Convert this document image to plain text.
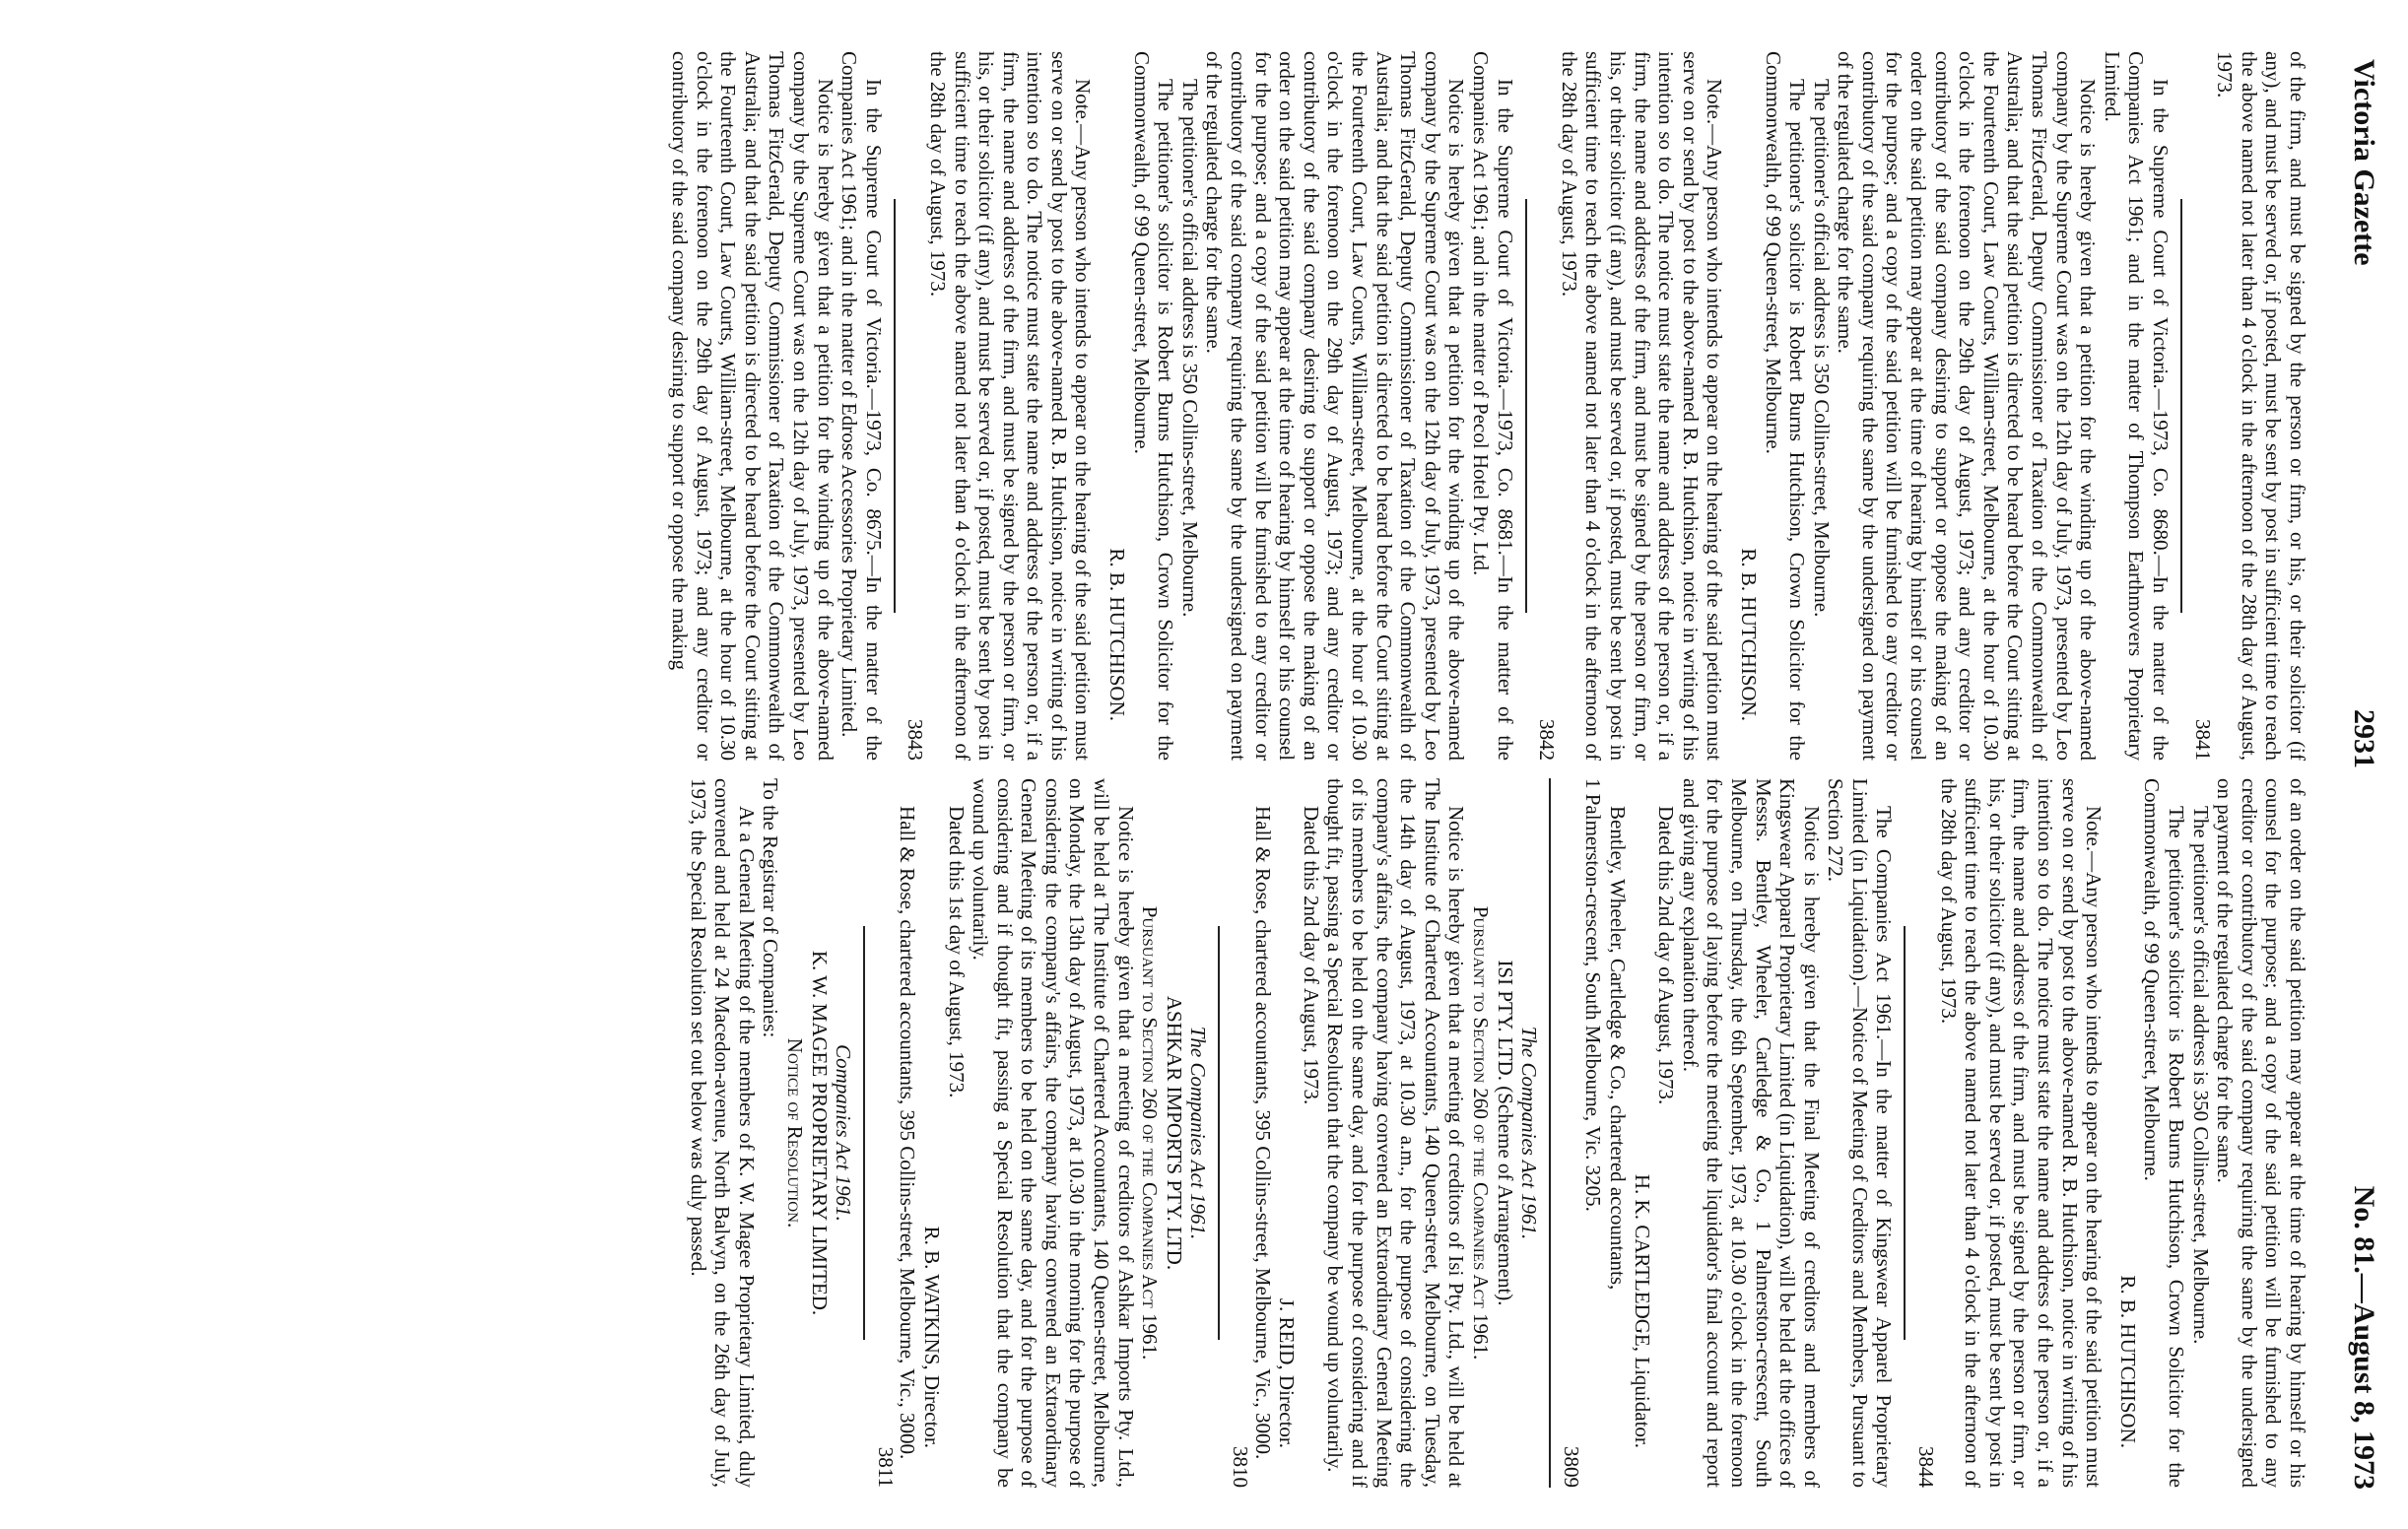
Victoria Gazette
2931
No. 81.—August 8, 1973

of the firm, and must be signed by the person or firm, or his, or their solicitor (if any), and must be served or, if posted, must be sent by post in sufficient time to reach the above named not later than 4 o'clock in the afternoon of the 28th day of August, 1973.

3841

In the Supreme Court of Victoria.—1973, Co. 8680.—In the matter of the Companies Act 1961; and in the matter of Thompson Earthmovers Proprietary Limited.

Notice is hereby given that a petition for the winding up of the above-named company by the Supreme Court was on the 12th day of July, 1973, presented by Leo Thomas FitzGerald, Deputy Commissioner of Taxation of the Commonwealth of Australia; and that the said petition is directed to be heard before the Court sitting at the Fourteenth Court, Law Courts, William-street, Melbourne, at the hour of 10.30 o'clock in the forenoon on the 29th day of August, 1973; and any creditor or contributory of the said company desiring to support or oppose the making of an order on the said petition may appear at the time of hearing by himself or his counsel for the purpose; and a copy of the said petition will be furnished to any creditor or contributory of the said company requiring the same by the undersigned on payment of the regulated charge for the same.

The petitioner's official address is 350 Collins-street, Melbourne.

The petitioner's solicitor is Robert Burns Hutchison, Crown Solicitor for the Commonwealth, of 99 Queen-street, Melbourne.

R. B. HUTCHISON.

Note.—Any person who intends to appear on the hearing of the said petition must serve on or send by post to the above-named R. B. Hutchison, notice in writing of his intention so to do. The notice must state the name and address of the person or, if a firm, the name and address of the firm, and must be signed by the person or firm, or his, or their solicitor (if any), and must be served or, if posted, must be sent by post in sufficient time to reach the above named not later than 4 o'clock in the afternoon of the 28th day of August, 1973.

3842

In the Supreme Court of Victoria.—1973, Co. 8681.—In the matter of the Companies Act 1961; and in the matter of Pecol Hotel Pty. Ltd.

Notice is hereby given that a petition for the winding up of the above-named company by the Supreme Court was on the 12th day of July, 1973, presented by Leo Thomas FitzGerald, Deputy Commissioner of Taxation of the Commonwealth of Australia; and that the said petition is directed to be heard before the Court sitting at the Fourteenth Court, Law Courts, William-street, Melbourne, at the hour of 10.30 o'clock in the forenoon on the 29th day of August, 1973; and any creditor or contributory of the said company desiring to support or oppose the making of an order on the said petition may appear at the time of hearing by himself or his counsel for the purpose; and a copy of the said petition will be furnished to any creditor or contributory of the said company requiring the same by the undersigned on payment of the regulated charge for the same.

The petitioner's official address is 350 Collins-street, Melbourne.

The petitioner's solicitor is Robert Burns Hutchison, Crown Solicitor for the Commonwealth, of 99 Queen-street, Melbourne.

R. B. HUTCHISON.

Note.—Any person who intends to appear on the hearing of the said petition must serve on or send by post to the above-named R. B. Hutchison, notice in writing of his intention so to do. The notice must state the name and address of the person or, if a firm, the name and address of the firm, and must be signed by the person or firm, or his, or their solicitor (if any), and must be served or, if posted, must be sent by post in sufficient time to reach the above named not later than 4 o'clock in the afternoon of the 28th day of August, 1973.

3843

In the Supreme Court of Victoria.—1973, Co. 8675.—In the matter of the Companies Act 1961; and in the matter of Edrose Accessories Proprietary Limited.

Notice is hereby given that a petition for the winding up of the above-named company by the Supreme Court was on the 12th day of July, 1973, presented by Leo Thomas FitzGerald, Deputy Commissioner of Taxation of the Commonwealth of Australia; and that the said petition is directed to be heard before the Court sitting at the Fourteenth Court, Law Courts, William-street, Melbourne, at the hour of 10.30 o'clock in the forenoon on the 29th day of August, 1973; and any creditor or contributory of the said company desiring to support or oppose the making

of an order on the said petition may appear at the time of hearing by himself or his counsel for the purpose; and a copy of the said petition will be furnished to any creditor or contributory of the said company requiring the same by the undersigned on payment of the regulated charge for the same.

The petitioner's official address is 350 Collins-street, Melbourne.

The petitioner's solicitor is Robert Burns Hutchison, Crown Solicitor for the Commonwealth, of 99 Queen-street, Melbourne.

R. B. HUTCHISON.

Note.—Any person who intends to appear on the hearing of the said petition must serve on or send by post to the above-named R. B. Hutchison, notice in writing of his intention so to do. The notice must state the name and address of the person or, if a firm, the name and address of the firm, and must be signed by the person or firm, or his, or their solicitor (if any), and must be served or, if posted, must be sent by post in sufficient time to reach the above named not later than 4 o'clock in the afternoon of the 28th day of August, 1973.

3844

The Companies Act 1961.—In the matter of Kingswear Apparel Proprietary Limited (in Liquidation).—Notice of Meeting of Creditors and Members, Pursuant to Section 272.

Notice is hereby given that the Final Meeting of creditors and members of Kingswear Apparel Proprietary Limited (in Liquidation), will be held at the offices of Messrs. Bentley, Wheeler, Cartledge & Co., 1 Palmerston-crescent, South Melbourne, on Thursday, the 6th September, 1973, at 10.30 o'clock in the forenoon for the purpose of laying before the meeting the liquidator's final account and report and giving any explanation thereof.

Dated this 2nd day of August, 1973.

H. K. CARTLEDGE, Liquidator.

Bentley, Wheeler, Cartledge & Co., chartered accountants,

1 Palmerston-crescent, South Melbourne, Vic. 3205.

3809

The Companies Act 1961.

ISI PTY. LTD. (Scheme of Arrangement).

Pursuant to Section 260 of the Companies Act 1961.

Notice is hereby given that a meeting of creditors of Isi Pty. Ltd., will be held at The Institute of Chartered Accountants, 140 Queen-street, Melbourne, on Tuesday, the 14th day of August, 1973, at 10.30 a.m., for the purpose of considering the company's affairs, the company having convened an Extraordinary General Meeting of its members to be held on the same day, and for the purpose of considering and if thought fit, passing a Special Resolution that the company be wound up voluntarily.

Dated this 2nd day of August, 1973.

J. REID, Director.

Hall & Rose, chartered accountants, 395 Collins-street, Melbourne, Vic., 3000.

3810

The Companies Act 1961.

ASHKAR IMPORTS PTY. LTD.

Pursuant to Section 260 of the Companies Act 1961.

Notice is hereby given that a meeting of creditors of Ashkar Imports Pty. Ltd., will be held at The Institute of Chartered Accountants, 140 Queen-street, Melbourne, on Monday, the 13th day of August, 1973, at 10.30 in the morning for the purpose of considering the company's affairs, the company having convened an Extraordinary General Meeting of its members to be held on the same day, and for the purpose of considering and if thought fit, passing a Special Resolution that the company be wound up voluntarily.

Dated this 1st day of August, 1973.

R. B. WATKINS, Director.

Hall & Rose, chartered accountants, 395 Collins-street, Melbourne, Vic., 3000.

3811

Companies Act 1961.

K. W. MAGEE PROPRIETARY LIMITED.

Notice of Resolution.

To the Registrar of Companies:

At a General Meeting of the members of K. W. Magee Proprietary Limited, duly convened and held at 24 Macedon-avenue, North Balwyn, on the 26th day of July, 1973, the Special Resolution set out below was duly passed.
